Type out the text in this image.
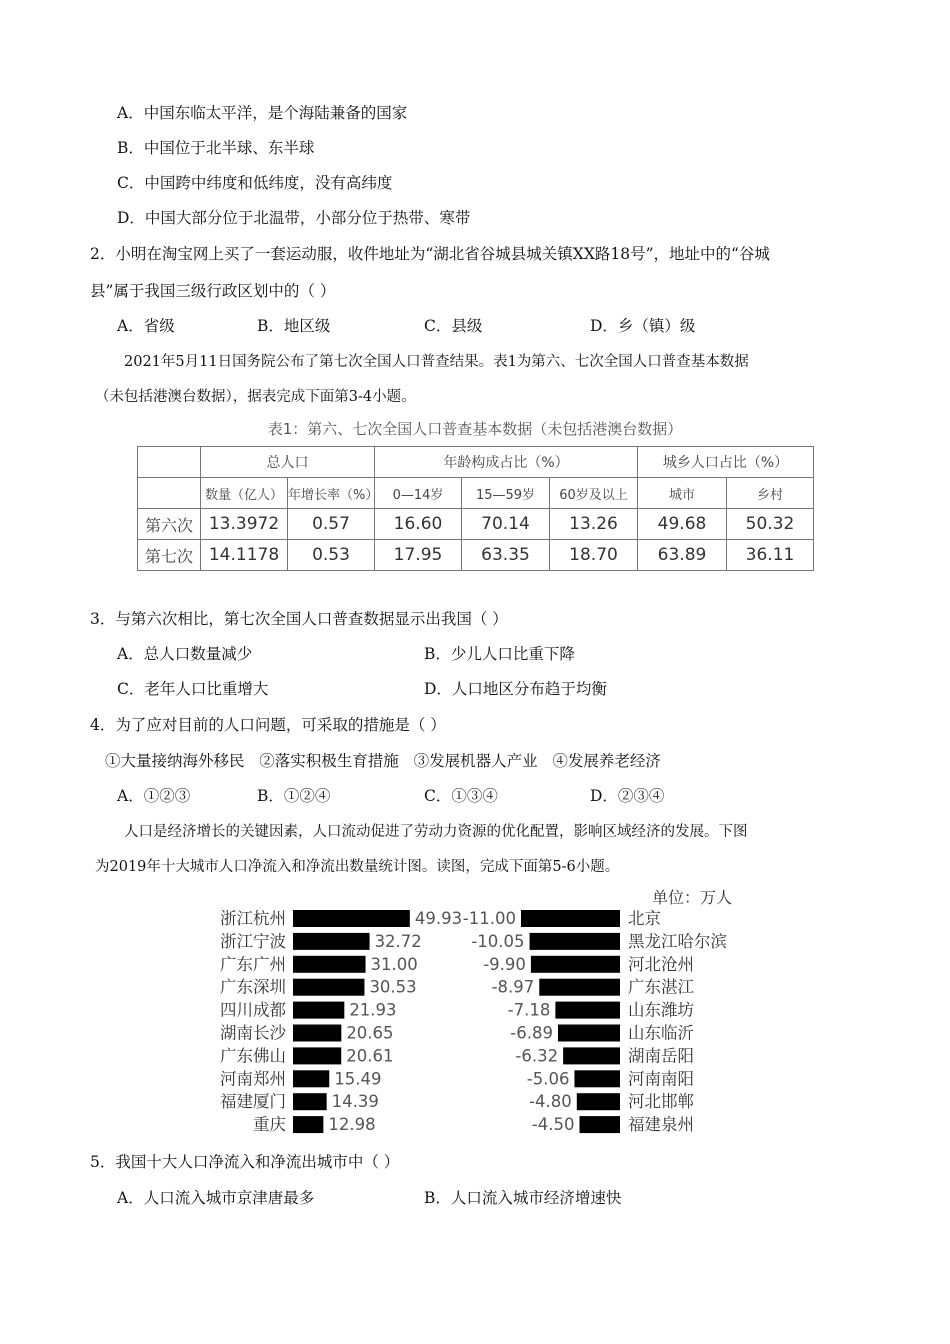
A．中国东临太平洋，是个海陆兼备的国家
B．中国位于北半球、东半球
C．中国跨中纬度和低纬度，没有高纬度
D．中国大部分位于北温带，小部分位于热带、寒带
2．小明在淘宝网上买了一套运动服，收件地址为“湖北省谷城县城关镇XX路18号”，地址中的“谷城
县”属于我国三级行政区划中的（ ）
A．省级	B．地区级	C．县级	D．乡（镇）级
2021年5月11日国务院公布了第七次全国人口普查结果。表1为第六、七次全国人口普查基本数据
（未包括港澳台数据），据表完成下面第3-4小题。
表1：第六、七次全国人口普查基本数据（未包括港澳台数据）
	总人口		年龄构成占比（%）			城乡人口占比（%）	
	数量（亿人）	年增长率（%）	0—14岁	15—59岁	60岁及以上	城市	乡村
第六次	13.3972	0.57	16.60	70.14	13.26	49.68	50.32
第七次	14.1178	0.53	17.95	63.35	18.70	63.89	36.11
3．与第六次相比，第七次全国人口普查数据显示出我国（ ）
A．总人口数量减少	B．少儿人口比重下降
C．老年人口比重增大	D．人口地区分布趋于均衡
4．为了应对目前的人口问题，可采取的措施是（ ）
①大量接纳海外移民   ②落实积极生育措施   ③发展机器人产业   ④发展养老经济
A．①②③	B．①②④	C．①③④	D．②③④
人口是经济增长的关键因素，人口流动促进了劳动力资源的优化配置，影响区域经济的发展。下图
为2019年十大城市人口净流入和净流出数量统计图。读图，完成下面第5-6小题。
单位：万人
浙江杭州	49.93
浙江宁波	32.72
广东广州	31.00
广东深圳	30.53
四川成都	21.93
湖南长沙	20.65
广东佛山	20.61
河南郑州	15.49
福建厦门	14.39
重庆	12.98
-11.00	北京
-10.05	黑龙江哈尔滨
-9.90	河北沧州
-8.97	广东湛江
-7.18	山东潍坊
-6.89	山东临沂
-6.32	湖南岳阳
-5.06	河南南阳
-4.80	河北邯郸
-4.50	福建泉州
5．我国十大人口净流入和净流出城市中（ ）
A．人口流入城市京津唐最多	B．人口流入城市经济增速快
